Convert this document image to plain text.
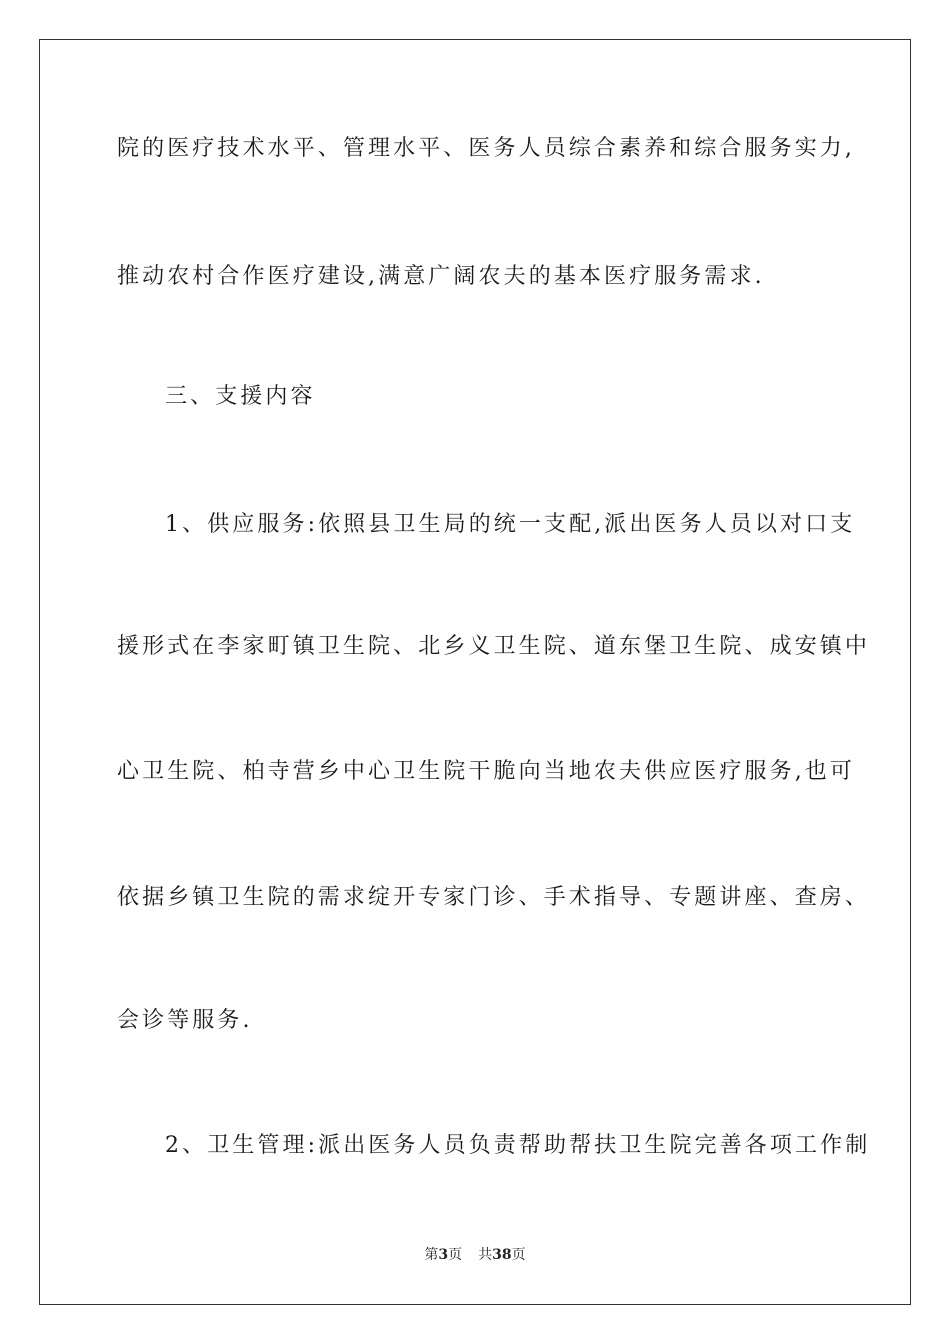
院的医疗技术水平、管理水平、医务人员综合素养和综合服务实力,
推动农村合作医疗建设,满意广阔农夫的基本医疗服务需求.
三、支援内容
1、供应服务:依照县卫生局的统一支配,派出医务人员以对口支
援形式在李家町镇卫生院、北乡义卫生院、道东堡卫生院、成安镇中
心卫生院、柏寺营乡中心卫生院干脆向当地农夫供应医疗服务,也可
依据乡镇卫生院的需求绽开专家门诊、手术指导、专题讲座、查房、
会诊等服务.
2、卫生管理:派出医务人员负责帮助帮扶卫生院完善各项工作制
第3页 共38页
